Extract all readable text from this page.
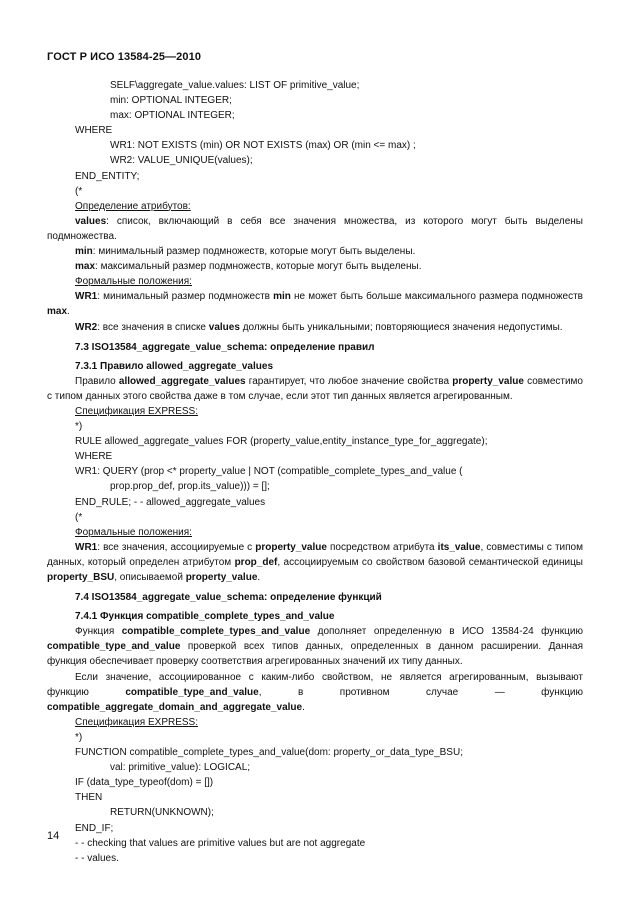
ГОСТ Р ИСО 13584-25—2010
SELF\aggregate_value.values: LIST OF primitive_value;
min: OPTIONAL INTEGER;
max: OPTIONAL INTEGER;
WHERE
WR1: NOT EXISTS (min) OR NOT EXISTS (max) OR (min <= max) ;
WR2: VALUE_UNIQUE(values);
END_ENTITY;
(*
Определение атрибутов:
values: список, включающий в себя все значения множества, из которого могут быть выделены подмножества.
min: минимальный размер подмножеств, которые могут быть выделены.
max: максимальный размер подмножеств, которые могут быть выделены.
Формальные положения:
WR1: минимальный размер подмножеств min не может быть больше максимального размера подмножеств max.
WR2: все значения в списке values должны быть уникальными; повторяющиеся значения недопустимы.
7.3 ISO13584_aggregate_value_schema: определение правил
7.3.1 Правило allowed_aggregate_values
Правило allowed_aggregate_values гарантирует, что любое значение свойства property_value совместимо с типом данных этого свойства даже в том случае, если этот тип данных является агрегированным.
Спецификация EXPRESS:
*)
RULE allowed_aggregate_values FOR (property_value,entity_instance_type_for_aggregate);
WHERE
WR1: QUERY (prop <* property_value | NOT (compatible_complete_types_and_value (
prop.prop_def, prop.its_value))) = [];
END_RULE; - - allowed_aggregate_values
(*
Формальные положения:
WR1: все значения, ассоциируемые с property_value посредством атрибута its_value, совместимы с типом данных, который определен атрибутом prop_def, ассоциируемым со свойством базовой семантической единицы property_BSU, описываемой property_value.
7.4 ISO13584_aggregate_value_schema: определение функций
7.4.1 Функция compatible_complete_types_and_value
Функция compatible_complete_types_and_value дополняет определенную в ИСО 13584-24 функцию compatible_type_and_value проверкой всех типов данных, определенных в данном расширении. Данная функция обеспечивает проверку соответствия агрегированных значений их типу данных.
Если значение, ассоциированное с каким-либо свойством, не является агрегированным, вызывают функцию compatible_type_and_value, в противном случае — функцию compatible_aggregate_domain_and_aggregate_value.
Спецификация EXPRESS:
*)
FUNCTION compatible_complete_types_and_value(dom: property_or_data_type_BSU;
val: primitive_value): LOGICAL;
IF (data_type_typeof(dom) = [])
THEN
RETURN(UNKNOWN);
END_IF;
- - checking that values are primitive values but are not aggregate
- - values.
14
